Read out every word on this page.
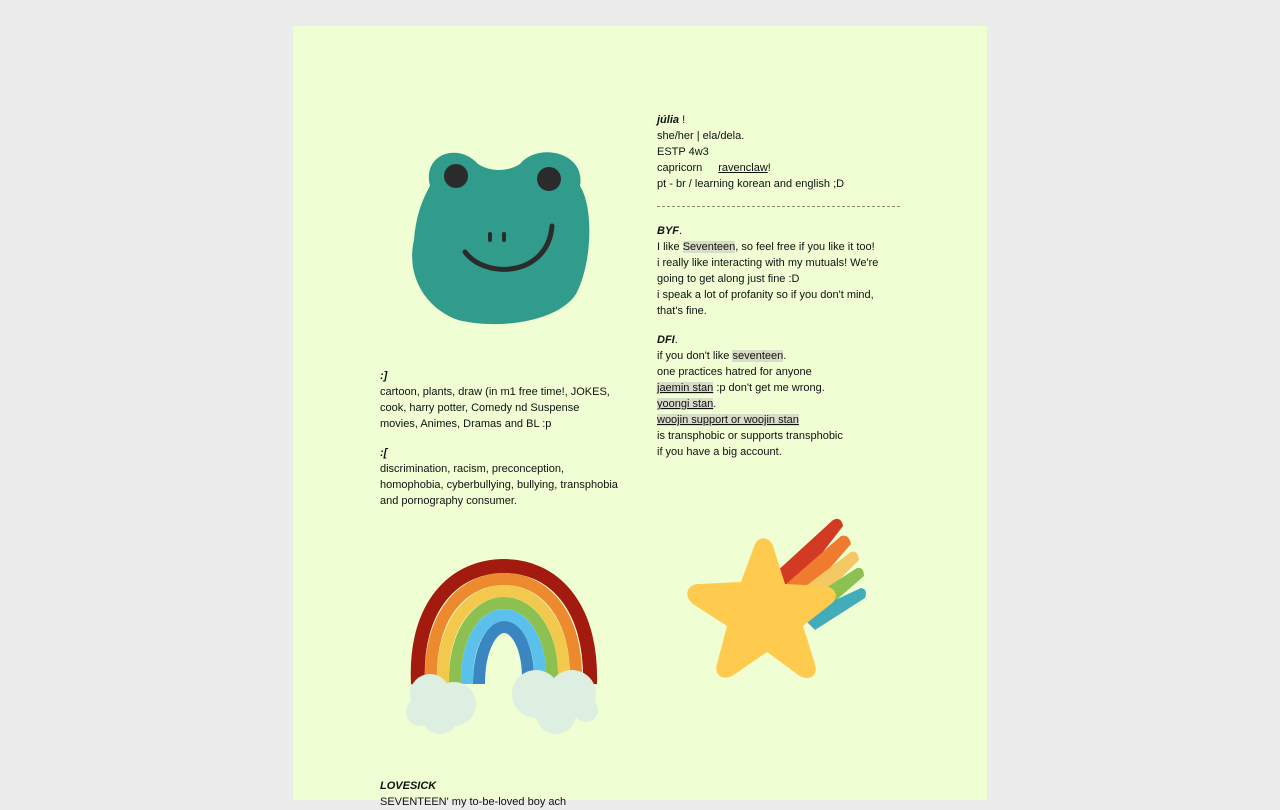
:]
cartoon, plants, draw (in m1 free time!, JOKES, cook, harry potter, Comedy nd Suspense movies, Animes, Dramas and BL :p
:[
discrimination, racism, preconception, homophobia, cyberbullying, bullying, transphobia and pornography consumer.
júlia !
she/her | ela/dela.
ESTP 4w3
capricorn ravenclaw!
pt - br / learning korean and english ;D
BYF.
I like Seventeen, so feel free if you like it too!
i really like interacting with my mutuals! We're going to get along just fine :D
i speak a lot of profanity so if you don't mind, that's fine.
DFI.
if you don't like seventeen.
one practices hatred for anyone
jaemin stan :p don't get me wrong.
yoongi stan.
woojin support or woojin stan
is transphobic or supports transphobic
if you have a big account.
LOVESICK
SEVENTEEN' my to-be-loved boy ach
